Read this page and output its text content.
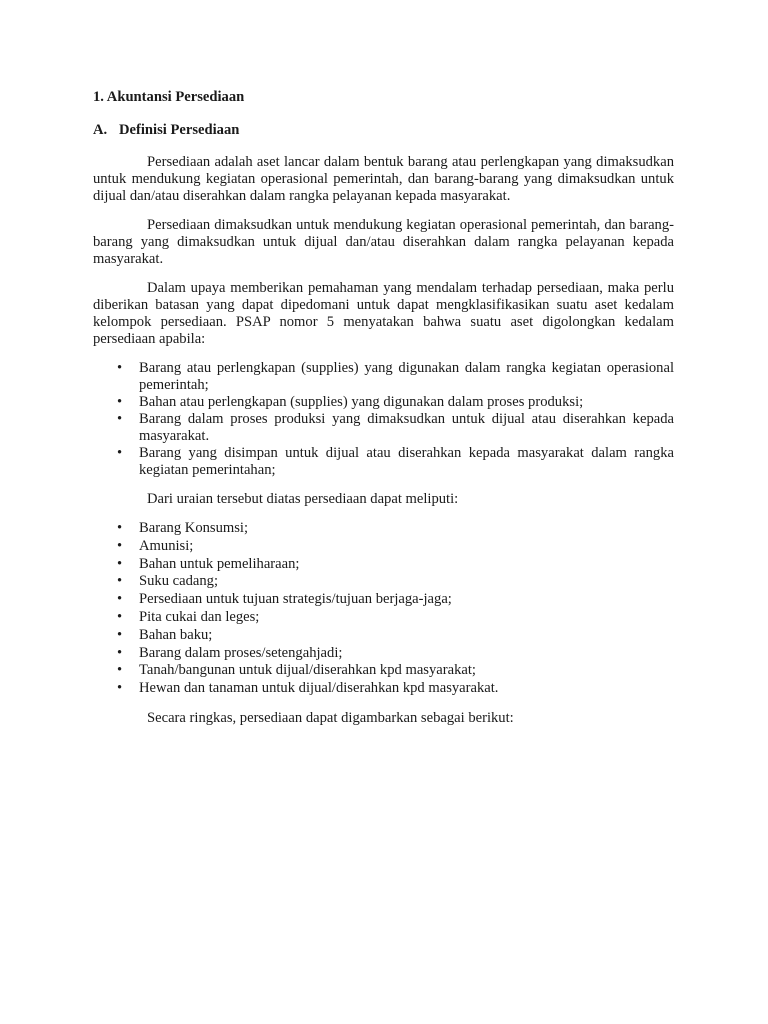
1. Akuntansi Persediaan
A. Definisi Persediaan

Persediaan adalah aset lancar dalam bentuk barang atau perlengkapan yang dimaksudkan untuk mendukung kegiatan operasional pemerintah, dan barang-barang yang dimaksudkan untuk dijual dan/atau diserahkan dalam rangka pelayanan kepada masyarakat.

Persediaan dimaksudkan untuk mendukung kegiatan operasional pemerintah, dan barang-barang yang dimaksudkan untuk dijual dan/atau diserahkan dalam rangka pelayanan kepada masyarakat.

Dalam upaya memberikan pemahaman yang mendalam terhadap persediaan, maka perlu diberikan batasan yang dapat dipedomani untuk dapat mengklasifikasikan suatu aset kedalam kelompok persediaan. PSAP nomor 5 menyatakan bahwa suatu aset digolongkan kedalam persediaan apabila:

• Barang atau perlengkapan (supplies) yang digunakan dalam rangka kegiatan operasional pemerintah;
• Bahan atau perlengkapan (supplies) yang digunakan dalam proses produksi;
• Barang dalam proses produksi yang dimaksudkan untuk dijual atau diserahkan kepada masyarakat.
• Barang yang disimpan untuk dijual atau diserahkan kepada masyarakat dalam rangka kegiatan pemerintahan;

Dari uraian tersebut diatas persediaan dapat meliputi:

• Barang Konsumsi;
• Amunisi;
• Bahan untuk pemeliharaan;
• Suku cadang;
• Persediaan untuk tujuan strategis/tujuan berjaga-jaga;
• Pita cukai dan leges;
• Bahan baku;
• Barang dalam proses/setengahjadi;
• Tanah/bangunan untuk dijual/diserahkan kpd masyarakat;
• Hewan dan tanaman untuk dijual/diserahkan kpd masyarakat.

Secara ringkas, persediaan dapat digambarkan sebagai berikut:
